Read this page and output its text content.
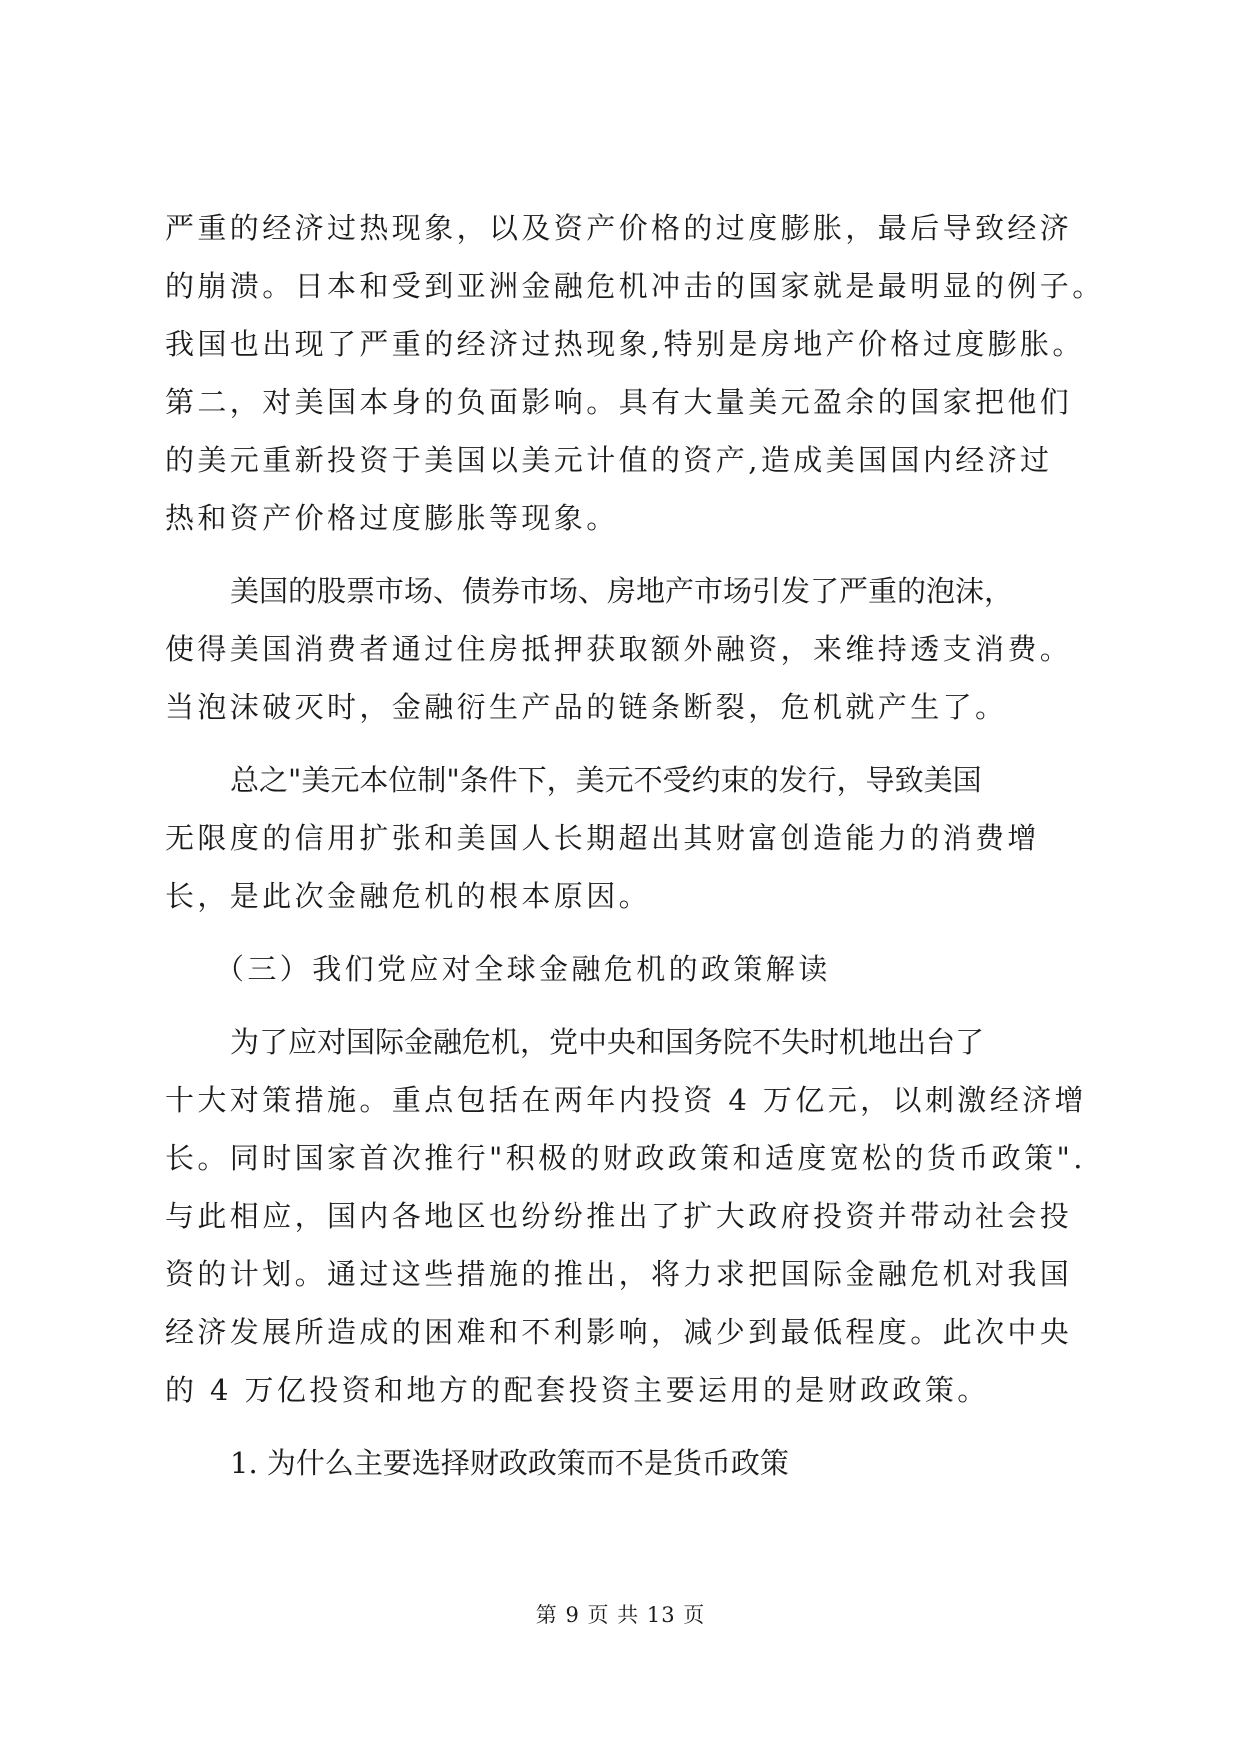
严重的经济过热现象，以及资产价格的过度膨胀，最后导致经济
的崩溃。日本和受到亚洲金融危机冲击的国家就是最明显的例子。
我国也出现了严重的经济过热现象,特别是房地产价格过度膨胀。
第二，对美国本身的负面影响。具有大量美元盈余的国家把他们
的美元重新投资于美国以美元计值的资产,造成美国国内经济过
热和资产价格过度膨胀等现象。
美国的股票市场、债券市场、房地产市场引发了严重的泡沫，
使得美国消费者通过住房抵押获取额外融资，来维持透支消费。
当泡沫破灭时，金融衍生产品的链条断裂，危机就产生了。
总之"美元本位制"条件下，美元不受约束的发行，导致美国
无限度的信用扩张和美国人长期超出其财富创造能力的消费增
长，是此次金融危机的根本原因。
（三）我们党应对全球金融危机的政策解读
为了应对国际金融危机，党中央和国务院不失时机地出台了
十大对策措施。重点包括在两年内投资 4 万亿元，以刺激经济增
长。同时国家首次推行"积极的财政政策和适度宽松的货币政策".
与此相应，国内各地区也纷纷推出了扩大政府投资并带动社会投
资的计划。通过这些措施的推出，将力求把国际金融危机对我国
经济发展所造成的困难和不利影响，减少到最低程度。此次中央
的 4 万亿投资和地方的配套投资主要运用的是财政政策。
1. 为什么主要选择财政政策而不是货币政策
第 9 页 共 13 页
